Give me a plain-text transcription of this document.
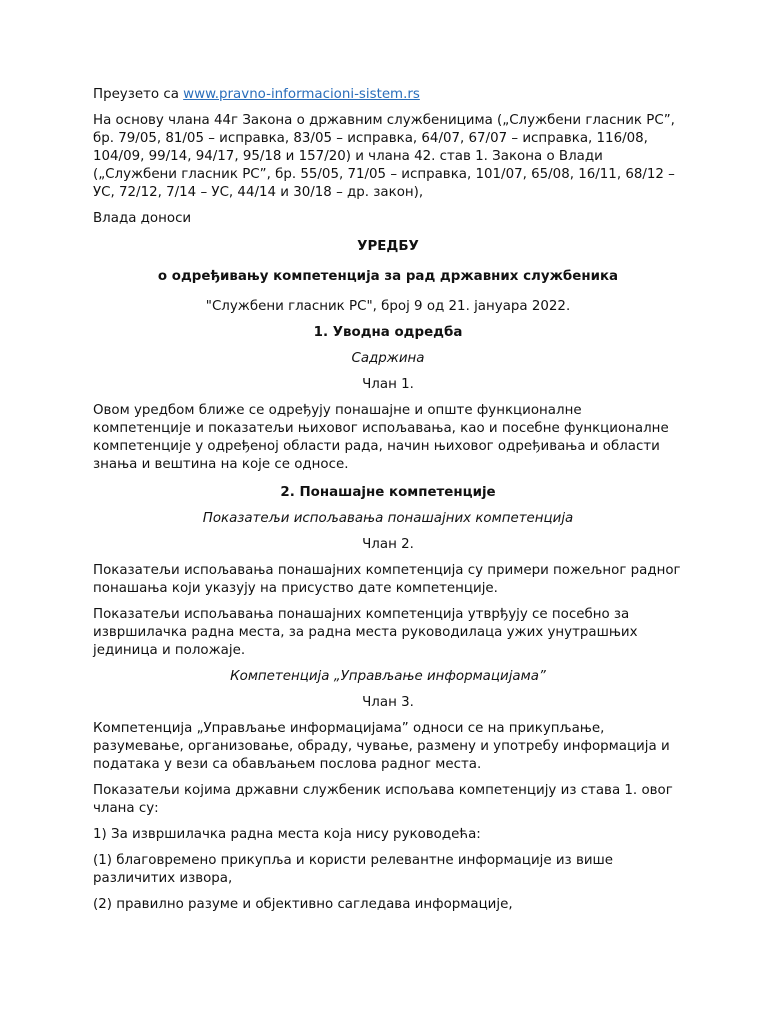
Преузето са www.pravno-informacioni-sistem.rs

На основу члана 44г Закона о државним службеницима („Службени гласник РС”, бр. 79/05, 81/05 – исправка, 83/05 – исправка, 64/07, 67/07 – исправка, 116/08, 104/09, 99/14, 94/17, 95/18 и 157/20) и члана 42. став 1. Закона о Влади („Службени гласник РС”, бр. 55/05, 71/05 – исправка, 101/07, 65/08, 16/11, 68/12 – УС, 72/12, 7/14 – УС, 44/14 и 30/18 – др. закон),

Влада доноси

УРЕДБУ

о одређивању компетенција за рад државних службеника

"Службени гласник РС", број 9 од 21. јануара 2022.

1. Уводна одредба

Садржина

Члан 1.

Овом уредбом ближе се одређују понашајне и опште функционалне компетенције и показатељи њиховог испољавања, као и посебне функционалне компетенције у одређеној области рада, начин њиховог одређивања и области знања и вештина на које се односе.

2. Понашајне компетенције

Показатељи испољавања понашајних компетенција

Члан 2.

Показатељи испољавања понашајних компетенција су примери пожељног радног понашања који указују на присуство дате компетенције.

Показатељи испољавања понашајних компетенција утврђују се посебно за извршилачка радна места, за радна места руководилаца ужих унутрашњих јединица и положаје.

Компетенција „Управљање информацијама”

Члан 3.

Компетенција „Управљање информацијама” односи се на прикупљање, разумевање, организовање, обраду, чување, размену и употребу информација и података у вези са обављањем послова радног места.

Показатељи којима државни службеник испољава компетенцију из става 1. овог члана су:

1) За извршилачка радна места која нису руководећа:

(1) благовремено прикупља и користи релевантне информације из више различитих извора,

(2) правилно разуме и објективно сагледава информације,
